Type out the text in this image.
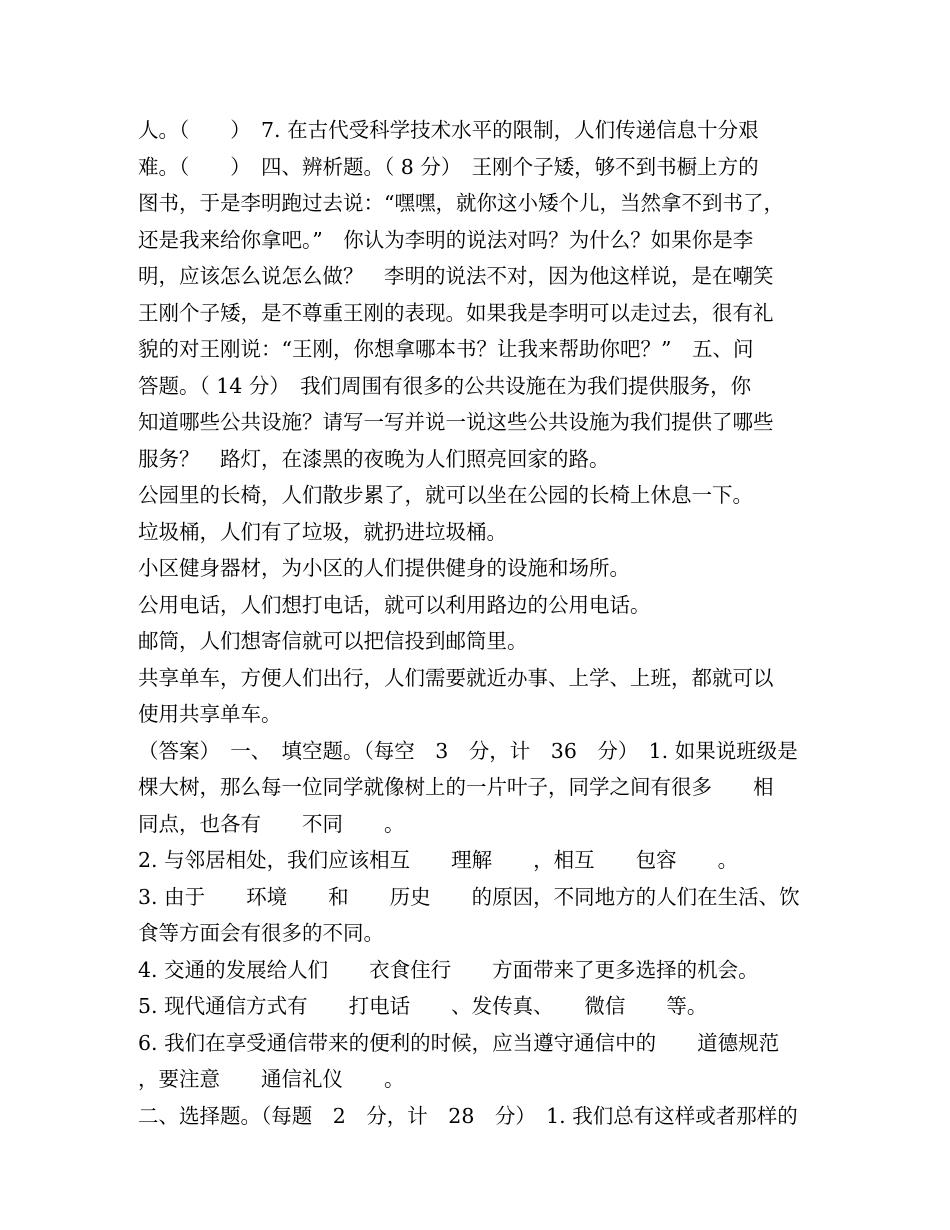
人。（　　）　7. 在古代受科学技术水平的限制，人们传递信息十分艰
难。（　　）　四、辨析题。（ 8 分）　王刚个子矮，够不到书橱上方的
图书，于是李明跑过去说：“嘿嘿，就你这小矮个儿，当然拿不到书了，
还是我来给你拿吧。”　你认为李明的说法对吗？为什么？如果你是李
明，应该怎么说怎么做？　李明的说法不对，因为他这样说，是在嘲笑
王刚个子矮，是不尊重王刚的表现。如果我是李明可以走过去，很有礼
貌的对王刚说：“王刚，你想拿哪本书？让我来帮助你吧？”　五、问
答题。（ 14 分）　我们周围有很多的公共设施在为我们提供服务，你
知道哪些公共设施？请写一写并说一说这些公共设施为我们提供了哪些
服务？　路灯，在漆黑的夜晚为人们照亮回家的路。
公园里的长椅，人们散步累了，就可以坐在公园的长椅上休息一下。
垃圾桶，人们有了垃圾，就扔进垃圾桶。
小区健身器材，为小区的人们提供健身的设施和场所。
公用电话，人们想打电话，就可以利用路边的公用电话。
邮筒，人们想寄信就可以把信投到邮筒里。
共享单车，方便人们出行，人们需要就近办事、上学、上班，都就可以
使用共享单车。
（答案）　一、　填空题。（每空　3　分，计　36　分）　1. 如果说班级是
棵大树，那么每一位同学就像树上的一片叶子，同学之间有很多　　相
同点，也各有　　不同　　。
2. 与邻居相处，我们应该相互　　理解　　，相互　　包容　　。
3. 由于　　环境　　和　　历史　　的原因，不同地方的人们在生活、饮
食等方面会有很多的不同。
4. 交通的发展给人们　　衣食住行　　方面带来了更多选择的机会。
5. 现代通信方式有　　打电话　　、发传真、　　微信　　等。
6. 我们在享受通信带来的便利的时候，应当遵守通信中的　　道德规范
，要注意　　通信礼仪　　。
二、选择题。（每题　2　分，计　28　分）　1. 我们总有这样或者那样的
